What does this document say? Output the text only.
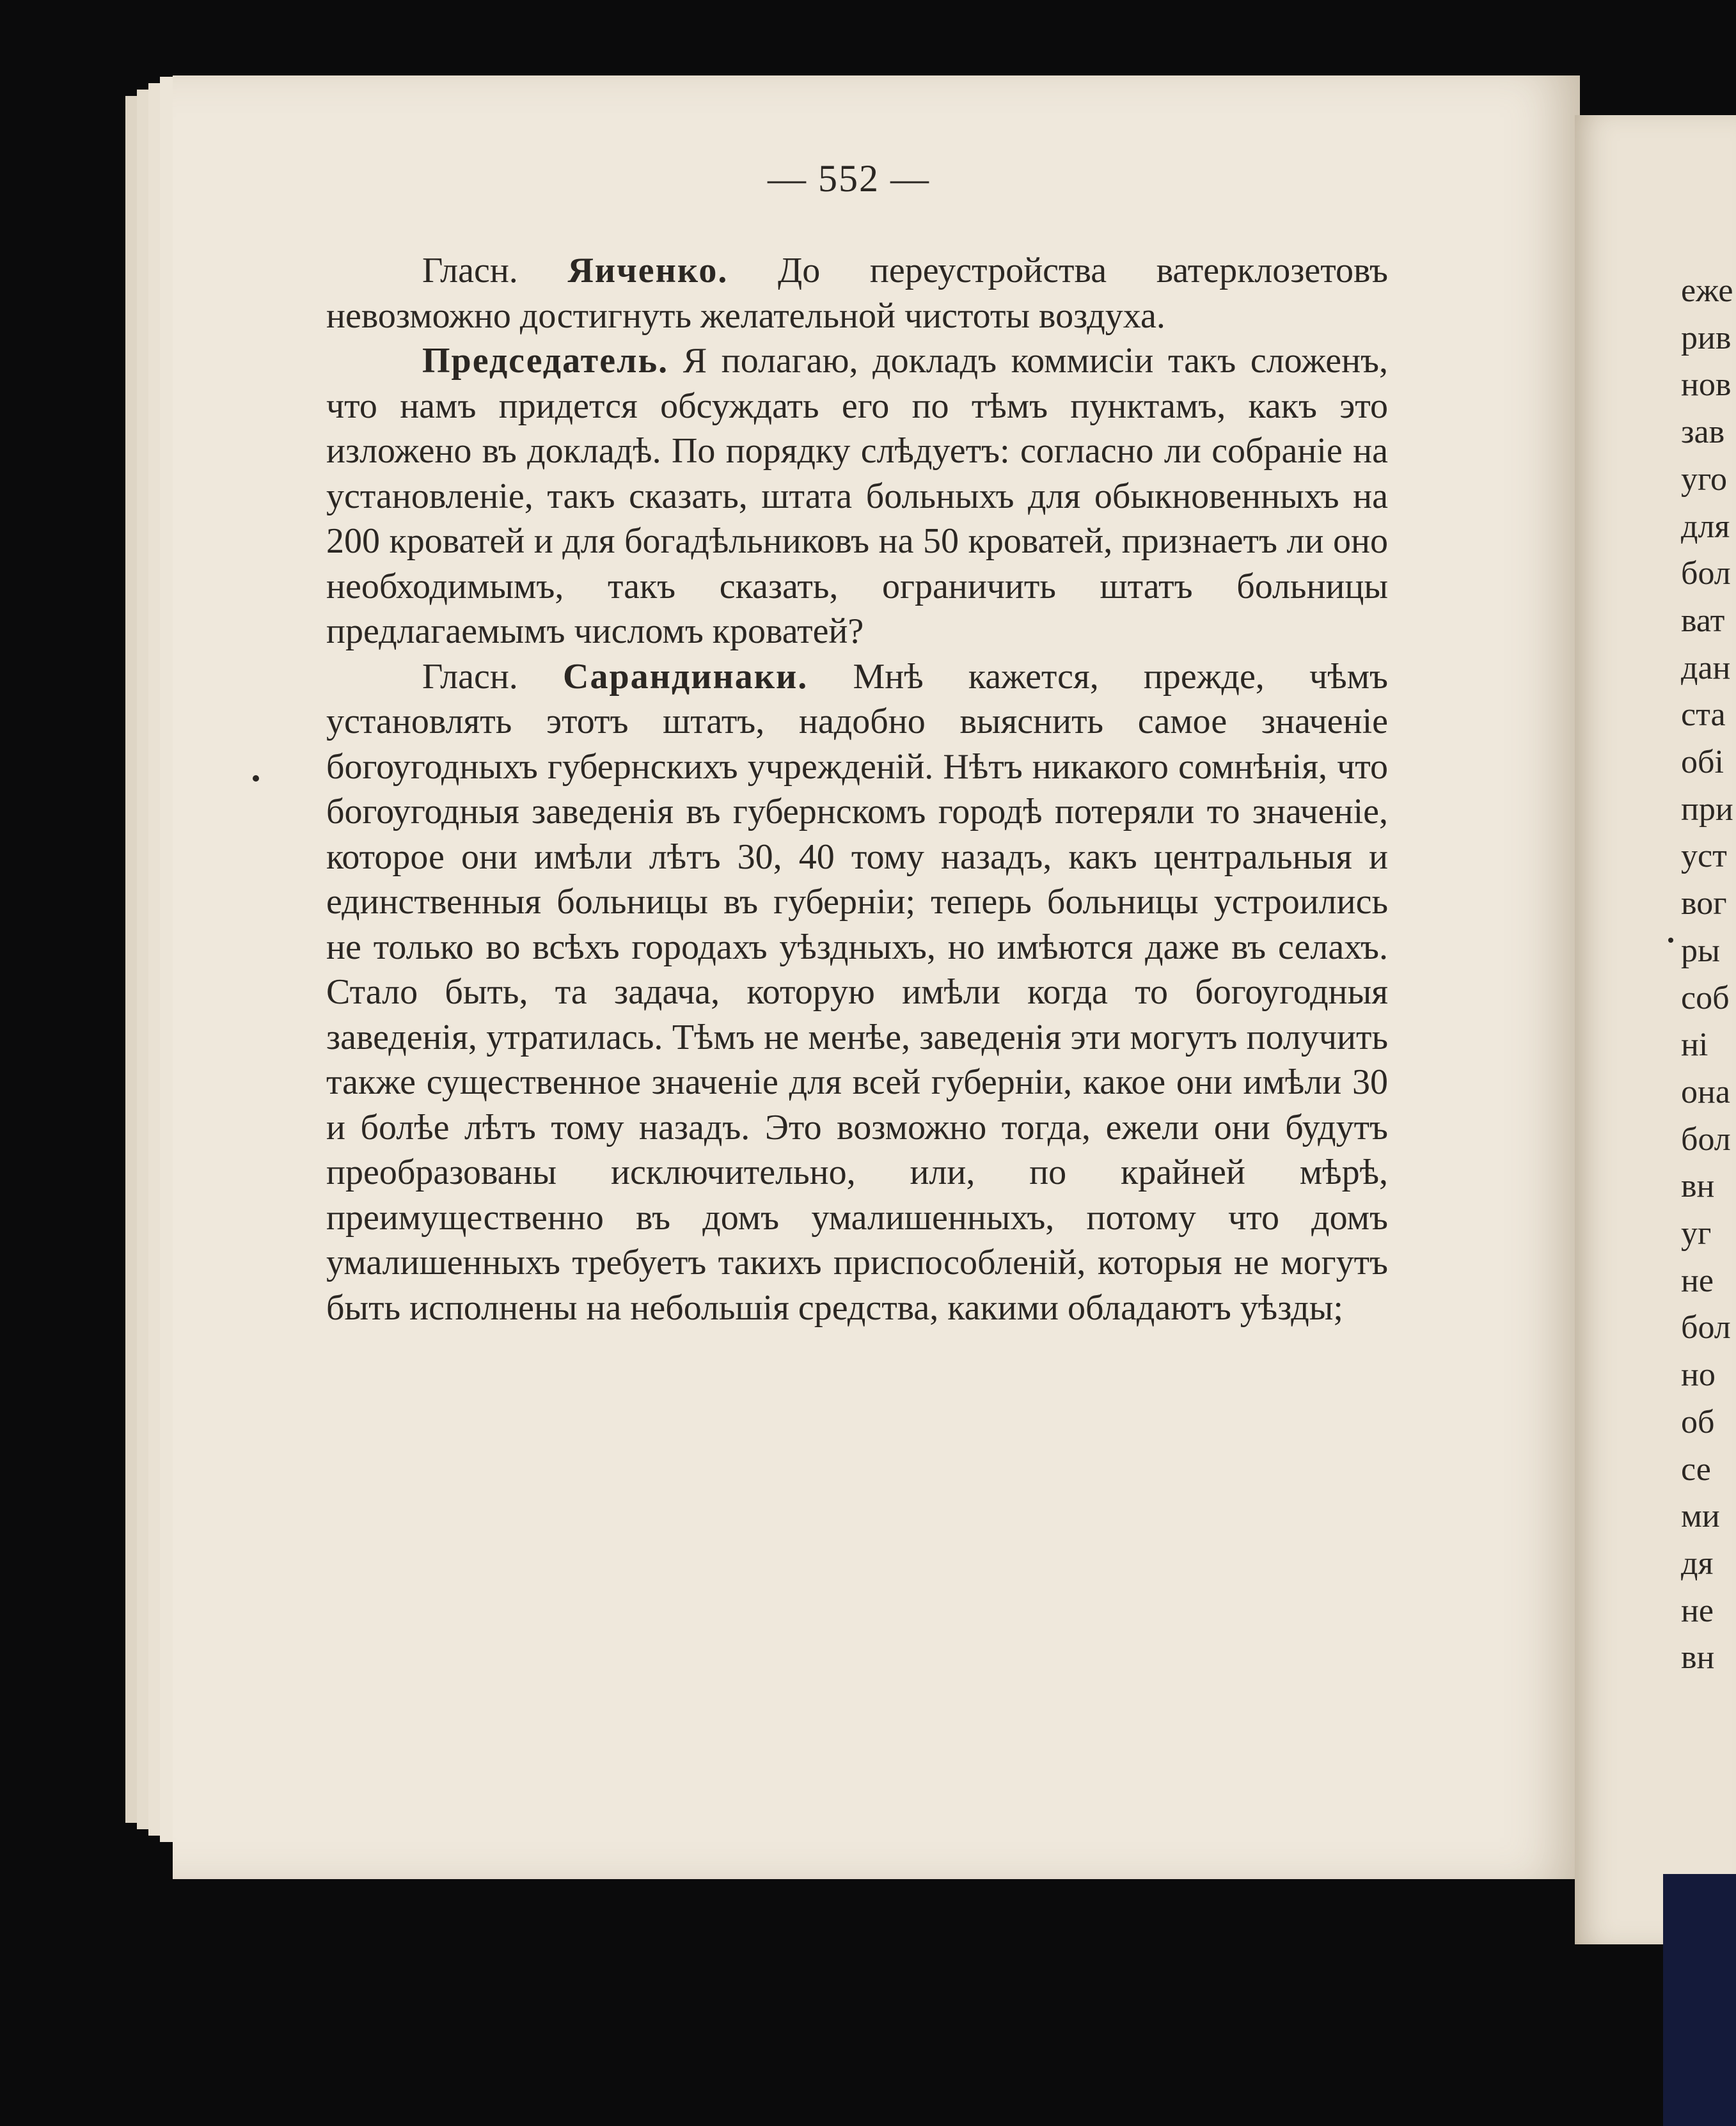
— 552 —

Гласн. Яиченко. До переустройства ватерклозетовъ невозможно достигнуть желательной чистоты воздуха.

Председатель. Я полагаю, докладъ коммисіи такъ сложенъ, что намъ придется обсуждать его по тѣмъ пунктамъ, какъ это изложено въ докладѣ. По порядку слѣдуетъ: согласно ли собраніе на установленіе, такъ сказать, штата больныхъ для обыкновенныхъ на 200 кроватей и для богадѣльниковъ на 50 кроватей, признаетъ ли оно необходимымъ, такъ сказать, ограничить штатъ больницы предлагаемымъ числомъ кроватей?

Гласн. Сарандинаки. Мнѣ кажется, прежде, чѣмъ установлять этотъ штатъ, надобно выяснить самое значеніе богоугодныхъ губернскихъ учрежденій. Нѣтъ никакого сомнѣнія, что богоугодныя заведенія въ губернскомъ городѣ потеряли то значеніе, которое они имѣли лѣтъ 30, 40 тому назадъ, какъ центральныя и единственныя больницы въ губерніи; теперь больницы устроились не только во всѣхъ городахъ уѣздныхъ, но имѣются даже въ селахъ. Стало быть, та задача, которую имѣли когда то богоугодныя заведенія, утратилась. Тѣмъ не менѣе, заведенія эти могутъ получить также существенное значеніе для всей губерніи, какое они имѣли 30 и болѣе лѣтъ тому назадъ. Это возможно тогда, ежели они будутъ преобразованы исключительно, или, по крайней мѣрѣ, преимущественно въ домъ умалишенныхъ, потому что домъ умалишенныхъ требуетъ такихъ приспособленій, которыя не могутъ быть исполнены на небольшія средства, какими обладаютъ уѣзды;

еже
рив
нов
зав
уго
для
бол
ват
дан
ста
обі
при
уст
вог
ры
соб
ні
она
бол
вн
уг
не
бол
но
об
се
ми
дя
не
вн
